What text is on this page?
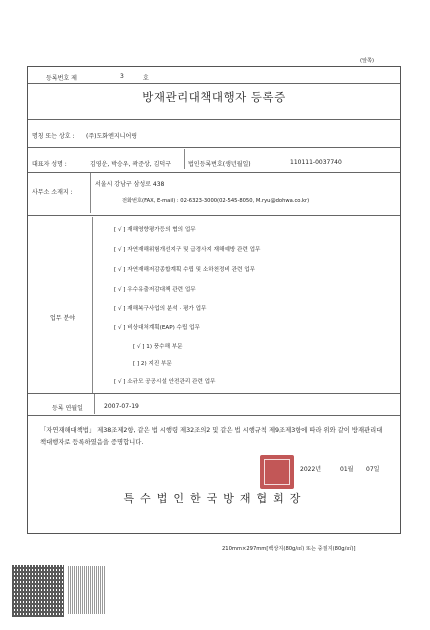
(앞쪽)
등록번호 제	3	호
방재관리대책대행자 등록증
명칭 또는 상호 : (주)도화엔지니어링
대표자 성명 :	김영운, 박승우, 곽준상, 김덕구	법인등록번호(생년월일)	110111-0037740
사무소 소재지 :
서울시 강남구 삼성로 438
전화번호(FAX, E-mail) : 02-6323-3000(02-545-8050, M.ryu@dohwa.co.kr)
업무 분야
[ √ ] 재해영향평가등의 협의 업무
[ √ ] 자연재해위험개선지구 및 급경사지 재해예방 관련 업무
[ √ ] 자연재해저감종합계획 수립 및 소하천정비 관련 업무
[ √ ] 우수유출저감대책 관련 업무
[ √ ] 재해복구사업의 분석 · 평가 업무
[ √ ] 비상대처계획(EAP) 수립 업무
[ √ ] 1) 풍수해 부문
[ ] 2) 지진 부문
[ √ ] 소규모 공공시설 안전관리 관련 업무
등록 연월일	2007-07-19
「자연재해대책법」 제38조제2항, 같은 법 시행령 제32조의2 및 같은 법 시행규칙 제9조제3항에 따라 위와 같이 방재관리대책대행자로 등록하였음을 증명합니다.
2022년	01월 07일
특수법인한국방재협회장
210mm×297mm[백상지(80g/㎡) 또는 중질지(80g/㎡)]
